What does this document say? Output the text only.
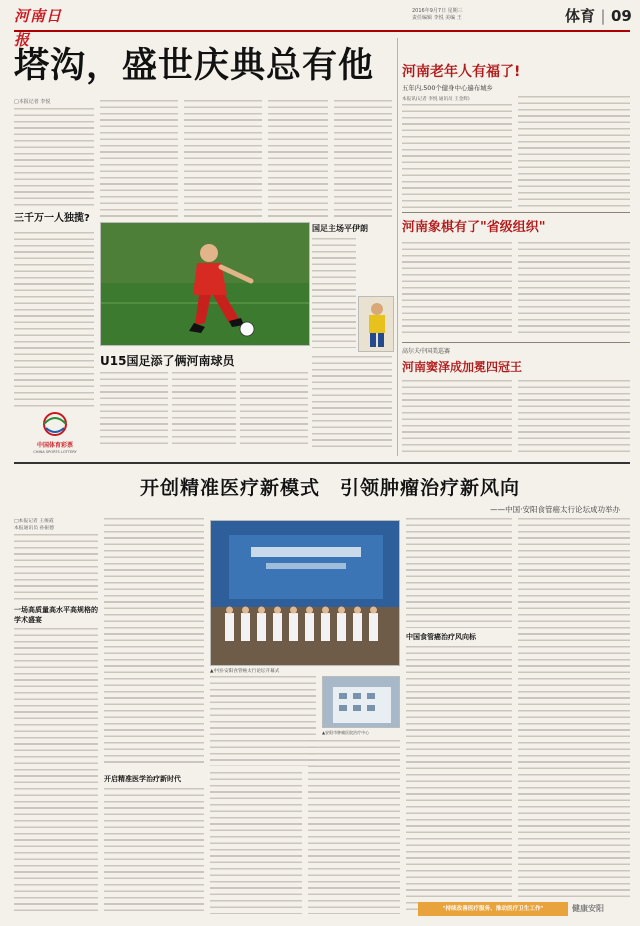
河南日报
2016年9月7日 星期三
责任编辑 李悦 美编 王	体育 | 09
塔沟，盛世庆典总有他
□本报记者 李悦
三千万一人独揽?
国足主场平伊朗
U15国足添了俩河南球员
中国体育彩票
CHINA SPORTS LOTTERY
河南老年人有福了!
五年内,500个健身中心遍布城乡
本报讯(记者 李悦 通讯员 王金辉)
河南象棋有了"省级组织"
高尔夫中国美巡赛
河南窦泽成加冕四冠王
开创精准医疗新模式　引领肿瘤治疗新风向
——中国·安阳食管癌太行论坛成功举办
□本报记者 王俊霞
本报通讯员 孙振德
一场高质量高水平高规格的学术盛宴
▲中国·安阳食管癌太行论坛开幕式
▲安阳市肿瘤医院治疗中心
中国食管癌治疗风向标
开启精准医学治疗新时代
"持续改善医疗服务、推动医疗卫生工作"	健康安阳
